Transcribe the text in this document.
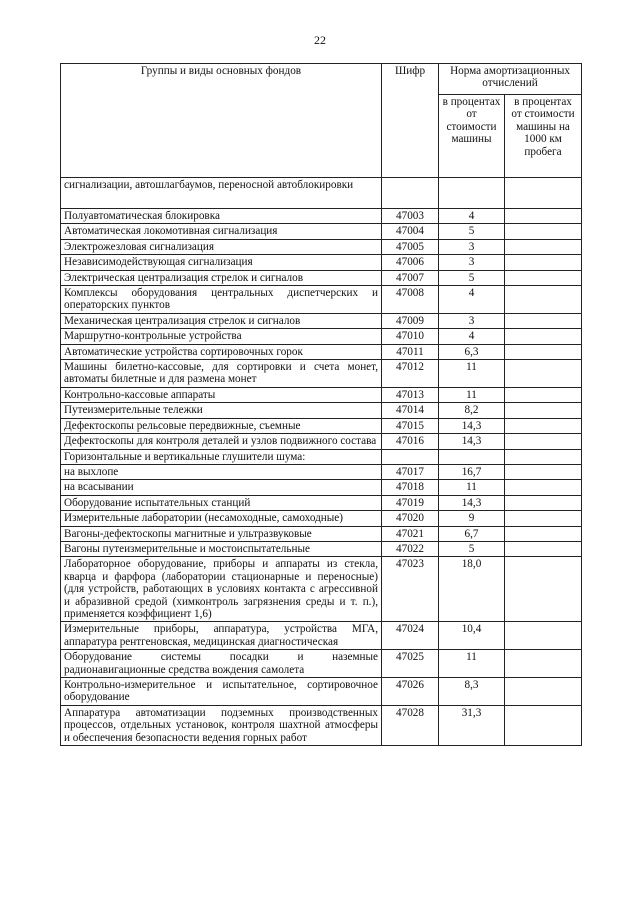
22
Группы и виды основных фондов	Шифр	Норма амортизационных отчислений	
		в процентах от стоимости машины	в процентах от стоимости машины на 1000 км пробега
сигнализации, автошлагбаумов, переносной автоблокировки			
Полуавтоматическая блокировка	47003	4	
Автоматическая локомотивная сигнализация	47004	5	
Электрожезловая сигнализация	47005	3	
Независимодействующая сигнализация	47006	3	
Электрическая централизация стрелок и сигналов	47007	5	
Комплексы оборудования центральных диспетчерских и операторских пунктов	47008	4	
Механическая централизация стрелок и сигналов	47009	3	
Маршрутно-контрольные устройства	47010	4	
Автоматические устройства сортировочных горок	47011	6,3	
Машины билетно-кассовые, для сортировки и счета монет, автоматы билетные и для размена монет	47012	11	
Контрольно-кассовые аппараты	47013	11	
Путеизмерительные тележки	47014	8,2	
Дефектоскопы рельсовые передвижные, съемные	47015	14,3	
Дефектоскопы для контроля деталей и узлов подвижного состава	47016	14,3	
Горизонтальные и вертикальные глушители шума:			
на выхлопе	47017	16,7	
на всасывании	47018	11	
Оборудование испытательных станций	47019	14,3	
Измерительные лаборатории (несамоходные, самоходные)	47020	9	
Вагоны-дефектоскопы магнитные и ультразвуковые	47021	6,7	
Вагоны путеизмерительные и мостоиспытательные	47022	5	
Лабораторное оборудование, приборы и аппараты из стекла, кварца и фарфора (лаборатории стационарные и переносные) (для устройств, работающих в условиях контакта с агрессивной и абразивной средой (химконтроль загрязнения среды и т. п.), применяется коэффициент 1,6)	47023	18,0	
Измерительные приборы, аппаратура, устройства МГА, аппаратура рентгеновская, медицинская диагностическая	47024	10,4	
Оборудование системы посадки и наземные радионавигационные средства вождения самолета	47025	11	
Контрольно-измерительное и испытательное, сортировочное оборудование	47026	8,3	
Аппаратура автоматизации подземных производственных процессов, отдельных установок, контроля шахтной атмосферы и обеспечения безопасности ведения горных работ	47028	31,3	
